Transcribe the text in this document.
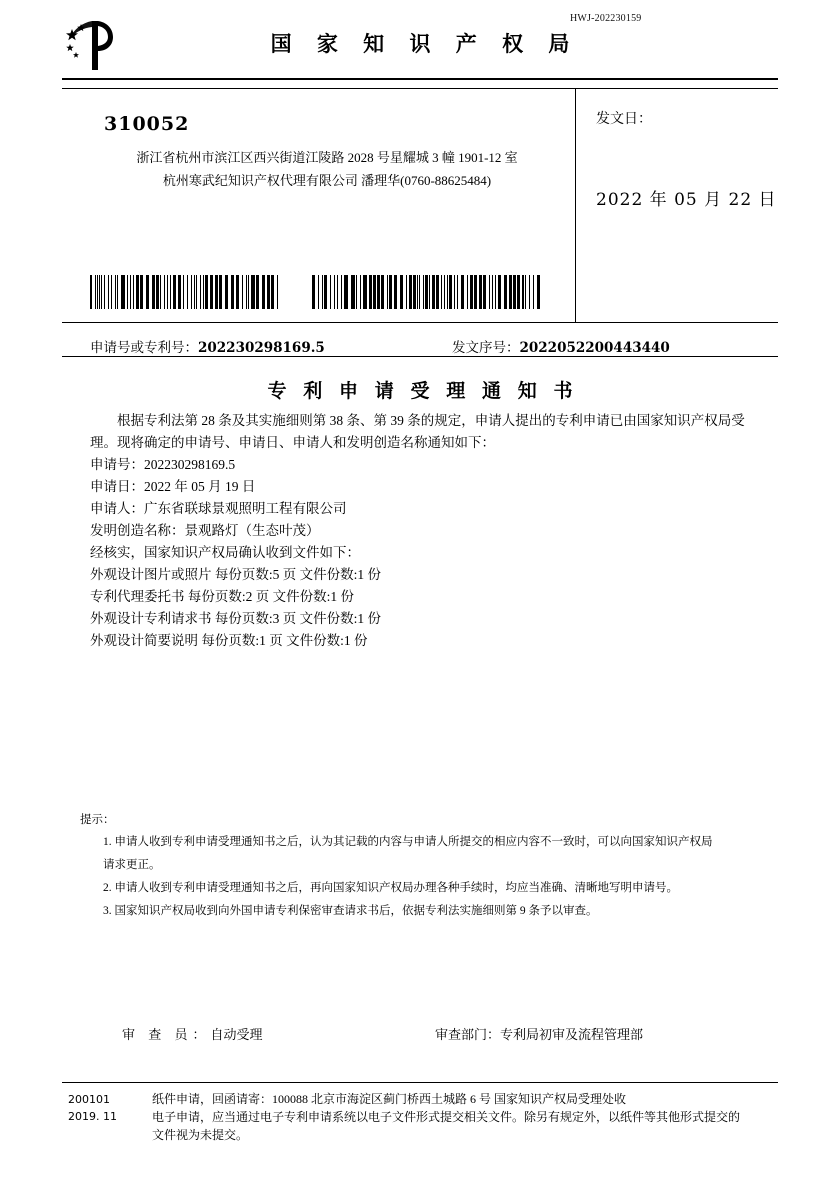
HWJ-202230159
国 家 知 识 产 权 局
310052
浙江省杭州市滨江区西兴街道江陵路 2028 号星耀城 3 幢 1901-12 室
杭州寒武纪知识产权代理有限公司 潘理华(0760-88625484)
发文日：
2022 年 05 月 22 日
申请号或专利号：202230298169.5	发文序号：2022052200443440
专 利 申 请 受 理 通 知 书

根据专利法第 28 条及其实施细则第 38 条、第 39 条的规定，申请人提出的专利申请已由国家知识产权局受理。现将确定的申请号、申请日、申请人和发明创造名称通知如下：

申请号：202230298169.5

申请日：2022 年 05 月 19 日

申请人：广东省联球景观照明工程有限公司

发明创造名称：景观路灯（生态叶茂）

经核实，国家知识产权局确认收到文件如下：

外观设计图片或照片 每份页数:5 页 文件份数:1 份

专利代理委托书 每份页数:2 页 文件份数:1 份

外观设计专利请求书 每份页数:3 页 文件份数:1 份

外观设计简要说明 每份页数:1 页 文件份数:1 份

提示：

1. 申请人收到专利申请受理通知书之后，认为其记载的内容与申请人所提交的相应内容不一致时，可以向国家知识产权局

请求更正。

2. 申请人收到专利申请受理通知书之后，再向国家知识产权局办理各种手续时，均应当准确、清晰地写明申请号。

3. 国家知识产权局收到向外国申请专利保密审查请求书后，依据专利法实施细则第 9 条予以审查。

审 查 员：自动受理	审查部门：专利局初审及流程管理部
200101
2019. 11

纸件申请，回函请寄：100088 北京市海淀区蓟门桥西土城路 6 号 国家知识产权局受理处收

电子申请，应当通过电子专利申请系统以电子文件形式提交相关文件。除另有规定外，以纸件等其他形式提交的

文件视为未提交。
